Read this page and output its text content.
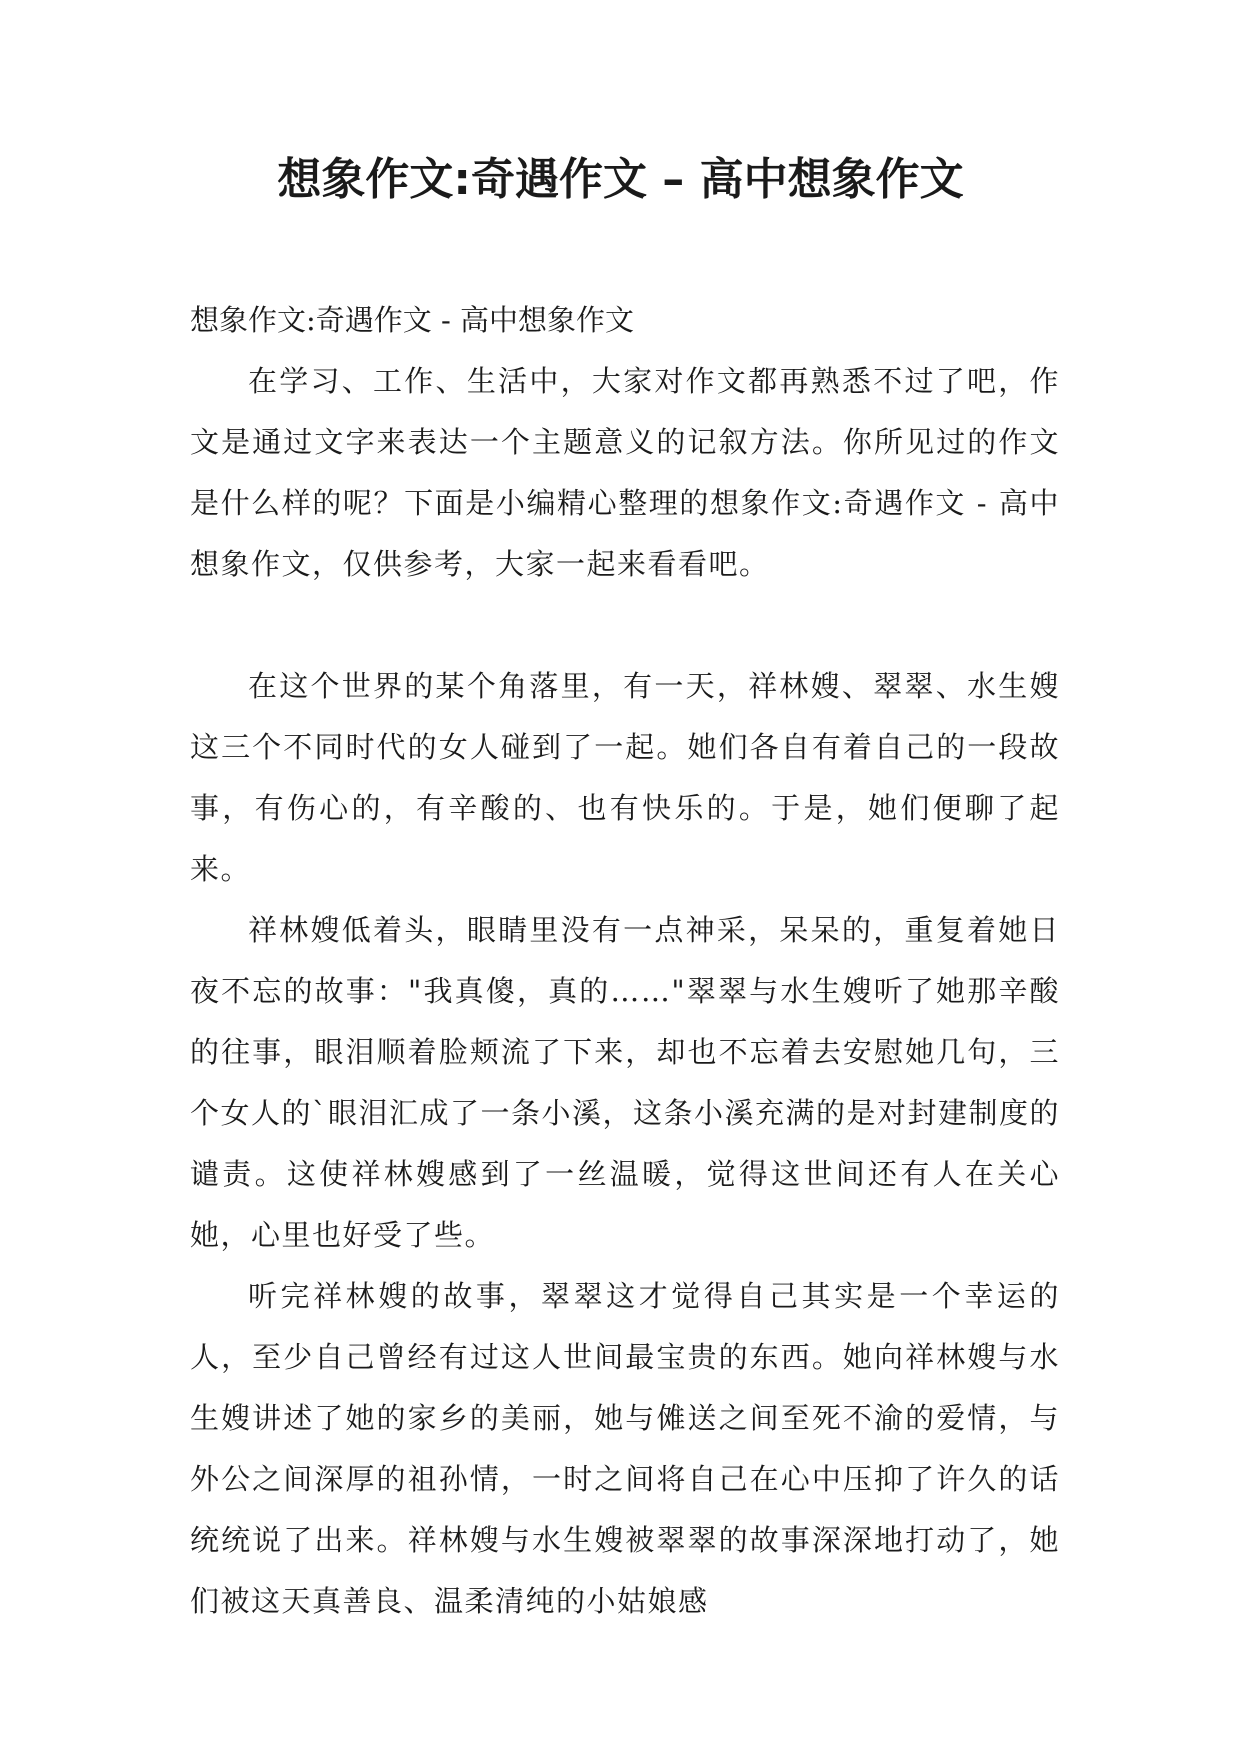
想象作文:奇遇作文 – 高中想象作文
想象作文:奇遇作文 - 高中想象作文

在学习、工作、生活中，大家对作文都再熟悉不过了吧，作文是通过文字来表达一个主题意义的记叙方法。你所见过的作文是什么样的呢？下面是小编精心整理的想象作文:奇遇作文 - 高中想象作文，仅供参考，大家一起来看看吧。

在这个世界的某个角落里，有一天，祥林嫂、翠翠、水生嫂这三个不同时代的女人碰到了一起。她们各自有着自己的一段故事，有伤心的，有辛酸的、也有快乐的。于是，她们便聊了起来。

祥林嫂低着头，眼睛里没有一点神采，呆呆的，重复着她日夜不忘的故事："我真傻，真的……"翠翠与水生嫂听了她那辛酸的往事，眼泪顺着脸颊流了下来，却也不忘着去安慰她几句，三个女人的`眼泪汇成了一条小溪，这条小溪充满的是对封建制度的谴责。这使祥林嫂感到了一丝温暖，觉得这世间还有人在关心她，心里也好受了些。

听完祥林嫂的故事，翠翠这才觉得自己其实是一个幸运的人，至少自己曾经有过这人世间最宝贵的东西。她向祥林嫂与水生嫂讲述了她的家乡的美丽，她与傩送之间至死不渝的爱情，与外公之间深厚的祖孙情，一时之间将自己在心中压抑了许久的话统统说了出来。祥林嫂与水生嫂被翠翠的故事深深地打动了，她们被这天真善良、温柔清纯的小姑娘感
